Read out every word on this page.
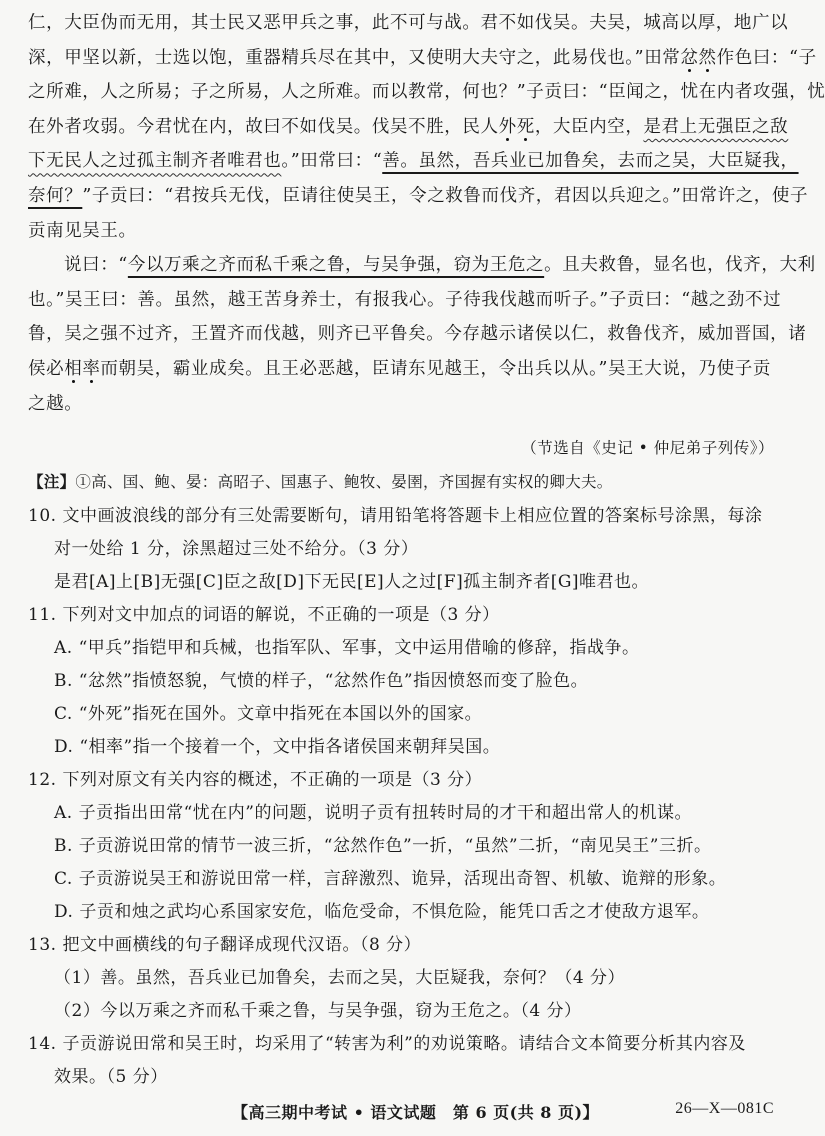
仁，大臣伪而无用，其士民又恶甲兵之事，此不可与战。君不如伐吴。夫吴，城高以厚，地广以
深，甲坚以新，士选以饱，重器精兵尽在其中，又使明大夫守之，此易伐也。”田常忿然作色曰：“子
之所难，人之所易；子之所易，人之所难。而以教常，何也？”子贡曰：“臣闻之，忧在内者攻强，忧
在外者攻弱。今君忧在内，故曰不如伐吴。伐吴不胜，民人外死，大臣内空，是君上无强臣之敌
下无民人之过孤主制齐者唯君也。”田常曰：“善。虽然，吾兵业已加鲁矣，去而之吴，大臣疑我，
奈何？”子贡曰：“君按兵无伐，臣请往使吴王，令之救鲁而伐齐，君因以兵迎之。”田常许之，使子
贡南见吴王。
说曰：“今以万乘之齐而私千乘之鲁，与吴争强，窃为王危之。且夫救鲁，显名也，伐齐，大利
也。”吴王曰：善。虽然，越王苦身养士，有报我心。子待我伐越而听子。”子贡曰：“越之劲不过
鲁，吴之强不过齐，王置齐而伐越，则齐已平鲁矣。今存越示诸侯以仁，救鲁伐齐，威加晋国，诸
侯必相率而朝吴，霸业成矣。且王必恶越，臣请东见越王，令出兵以从。”吴王大说，乃使子贡
之越。
（节选自《史记 • 仲尼弟子列传》）
【注】①高、国、鲍、晏：高昭子、国惠子、鲍牧、晏圉，齐国握有实权的卿大夫。
10. 文中画波浪线的部分有三处需要断句，请用铅笔将答题卡上相应位置的答案标号涂黑，每涂
对一处给 1 分，涂黑超过三处不给分。（3 分）
是君[A]上[B]无强[C]臣之敌[D]下无民[E]人之过[F]孤主制齐者[G]唯君也。
11. 下列对文中加点的词语的解说，不正确的一项是（3 分）
A. “甲兵”指铠甲和兵械，也指军队、军事，文中运用借喻的修辞，指战争。
B. “忿然”指愤怒貌，气愤的样子，“忿然作色”指因愤怒而变了脸色。
C. “外死”指死在国外。文章中指死在本国以外的国家。
D. “相率”指一个接着一个，文中指各诸侯国来朝拜吴国。
12. 下列对原文有关内容的概述，不正确的一项是（3 分）
A. 子贡指出田常“忧在内”的问题，说明子贡有扭转时局的才干和超出常人的机谋。
B. 子贡游说田常的情节一波三折，“忿然作色”一折，“虽然”二折，“南见吴王”三折。
C. 子贡游说吴王和游说田常一样，言辞激烈、诡异，活现出奇智、机敏、诡辩的形象。
D. 子贡和烛之武均心系国家安危，临危受命，不惧危险，能凭口舌之才使敌方退军。
13. 把文中画横线的句子翻译成现代汉语。（8 分）
（1）善。虽然，吾兵业已加鲁矣，去而之吴，大臣疑我，奈何？（4 分）
（2）今以万乘之齐而私千乘之鲁，与吴争强，窃为王危之。（4 分）
14. 子贡游说田常和吴王时，均采用了“转害为利”的劝说策略。请结合文本简要分析其内容及
效果。（5 分）
【高三期中考试 • 语文试题　第 6 页(共 8 页)】	26—X—081C
